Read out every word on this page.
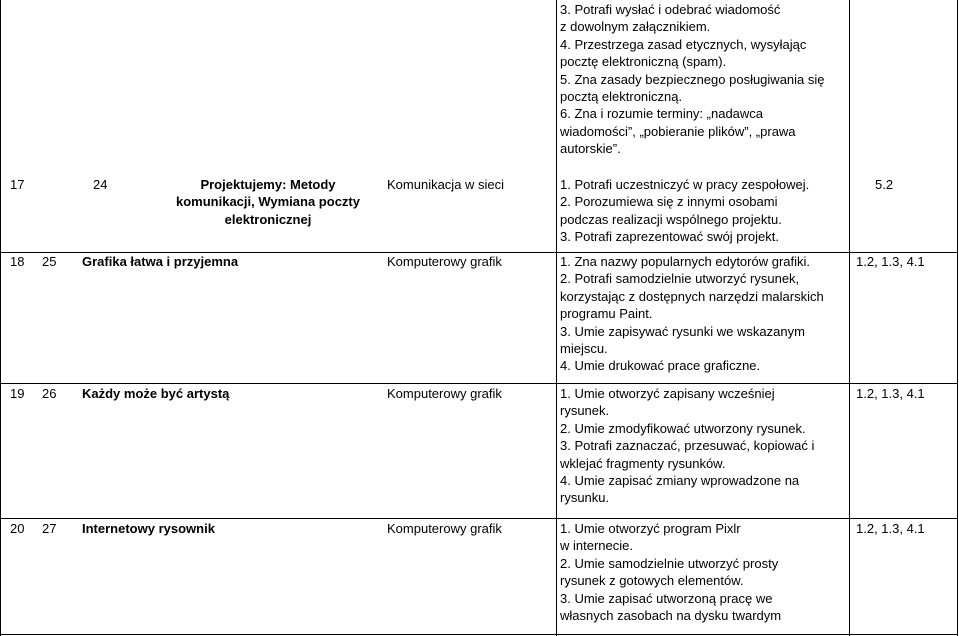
3. Potrafi wysłać i odebrać wiadomość
z dowolnym załącznikiem.
4. Przestrzega zasad etycznych, wysyłając
pocztę elektroniczną (spam).
5. Zna zasady bezpiecznego posługiwania się
pocztą elektroniczną.
6. Zna i rozumie terminy: „nadawca
wiadomości”, „pobieranie plików”, „prawa
autorskie”.
17	24	Projektujemy: Metody
komunikacji, Wymiana poczty
elektronicznej
Komunikacja w sieci	1. Potrafi uczestniczyć w pracy zespołowej.
2. Porozumiewa się z innymi osobami
podczas realizacji wspólnego projektu.
3. Potrafi zaprezentować swój projekt.
5.2
18 25 Grafika łatwa i przyjemna	Komputerowy grafik	1. Zna nazwy popularnych edytorów grafiki.
2. Potrafi samodzielnie utworzyć rysunek,
korzystając z dostępnych narzędzi malarskich
programu Paint.
3. Umie zapisywać rysunki we wskazanym
miejscu.
4. Umie drukować prace graficzne.
1.2, 1.3, 4.1
19 26 Każdy może być artystą	Komputerowy grafik	1. Umie otworzyć zapisany wcześniej
rysunek.
2. Umie zmodyfikować utworzony rysunek.
3. Potrafi zaznaczać, przesuwać, kopiować i
wklejać fragmenty rysunków.
4. Umie zapisać zmiany wprowadzone na
rysunku.
1.2, 1.3, 4.1
20 27 Internetowy rysownik	Komputerowy grafik	1. Umie otworzyć program Pixlr
w internecie.
2. Umie samodzielnie utworzyć prosty
rysunek z gotowych elementów.
3. Umie zapisać utworzoną pracę we
własnych zasobach na dysku twardym
1.2, 1.3, 4.1
